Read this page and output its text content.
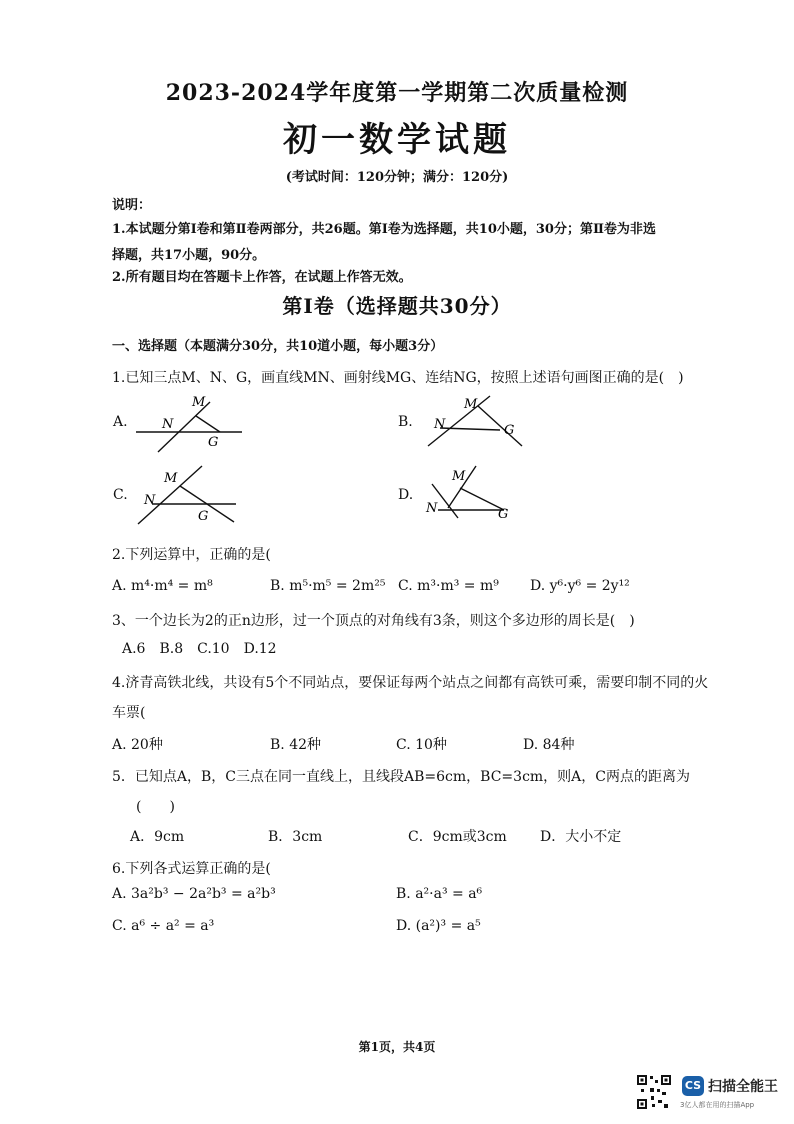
2023-2024学年度第一学期第二次质量检测
初一数学试题
(考试时间：120分钟；满分：120分)
说明：
1.本试题分第Ⅰ卷和第Ⅱ卷两部分，共26题。第Ⅰ卷为选择题，共10小题，30分；第Ⅱ卷为非选
择题，共17小题，90分。
2.所有题目均在答题卡上作答，在试题上作答无效。
第Ⅰ卷（选择题共30分）
一、选择题（本题满分30分，共10道小题，每小题3分）
1.已知三点M、N、G，画直线MN、画射线MG、连结NG，按照上述语句画图正确的是(　)
A.
M
N
G
B.
M
N	G
C.
M
N
G
D.
M
N	G
2.下列运算中，正确的是(
A. m⁴·m⁴ = m⁸	B. m⁵·m⁵ = 2m²⁵ C. m³·m³ = m⁹ D. y⁶·y⁶ = 2y¹²
3、一个边长为2的正n边形，过一个顶点的对角线有3条，则这个多边形的周长是(　)
A.6　B.8　C.10　D.12
4.济青高铁北线，共设有5个不同站点，要保证每两个站点之间都有高铁可乘，需要印制不同的火
车票(
A. 20种	B. 42种	C. 10种	D. 84种
5．已知点A，B，C三点在同一直线上，且线段AB=6cm，BC=3cm，则A，C两点的距离为
(　　)
A．9cm	B．3cm	C．9cm或3cm D．大小不定
6.下列各式运算正确的是(
A. 3a²b³ − 2a²b³ = a²b³	B. a²·a³ = a⁶
C. a⁶ ÷ a² = a³	D. (a²)³ = a⁵
第1页，共4页
CS 扫描全能王
3亿人都在用的扫描App
